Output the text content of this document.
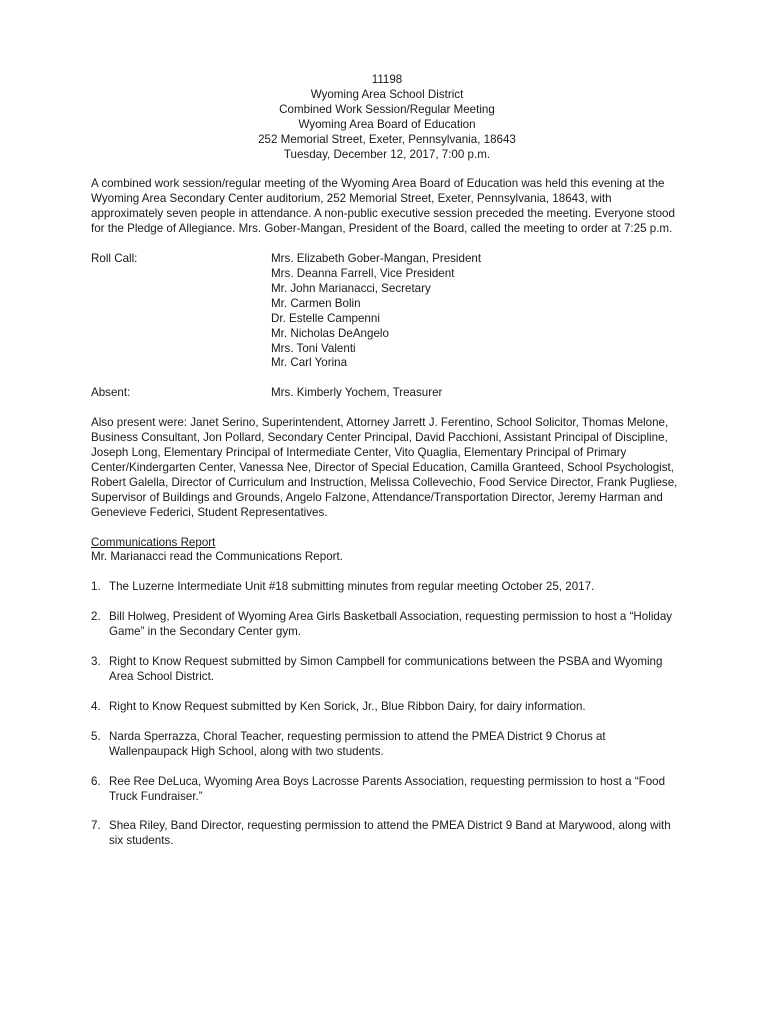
11198
Wyoming Area School District
Combined Work Session/Regular Meeting
Wyoming Area Board of Education
252 Memorial Street, Exeter, Pennsylvania, 18643
Tuesday, December 12, 2017, 7:00 p.m.

A combined work session/regular meeting of the Wyoming Area Board of Education was held this evening at the Wyoming Area Secondary Center auditorium, 252 Memorial Street, Exeter, Pennsylvania, 18643, with approximately seven people in attendance. A non-public executive session preceded the meeting. Everyone stood for the Pledge of Allegiance. Mrs. Gober-Mangan, President of the Board, called the meeting to order at 7:25 p.m.

Roll Call:	Mrs. Elizabeth Gober-Mangan, President
Mrs. Deanna Farrell, Vice President
Mr. John Marianacci, Secretary
Mr. Carmen Bolin
Dr. Estelle Campenni
Mr. Nicholas DeAngelo
Mrs. Toni Valenti
Mr. Carl Yorina
Absent:	Mrs. Kimberly Yochem, Treasurer

Also present were: Janet Serino, Superintendent, Attorney Jarrett J. Ferentino, School Solicitor, Thomas Melone, Business Consultant, Jon Pollard, Secondary Center Principal, David Pacchioni, Assistant Principal of Discipline, Joseph Long, Elementary Principal of Intermediate Center, Vito Quaglia, Elementary Principal of Primary Center/Kindergarten Center, Vanessa Nee, Director of Special Education, Camilla Granteed, School Psychologist, Robert Galella, Director of Curriculum and Instruction, Melissa Collevechio, Food Service Director, Frank Pugliese, Supervisor of Buildings and Grounds, Angelo Falzone, Attendance/Transportation Director, Jeremy Harman and Genevieve Federici, Student Representatives.

Communications Report

Mr. Marianacci read the Communications Report.

1. The Luzerne Intermediate Unit #18 submitting minutes from regular meeting October 25, 2017.
2. Bill Holweg, President of Wyoming Area Girls Basketball Association, requesting permission to host a “Holiday Game” in the Secondary Center gym.
3. Right to Know Request submitted by Simon Campbell for communications between the PSBA and Wyoming Area School District.
4. Right to Know Request submitted by Ken Sorick, Jr., Blue Ribbon Dairy, for dairy information.
5. Narda Sperrazza, Choral Teacher, requesting permission to attend the PMEA District 9 Chorus at Wallenpaupack High School, along with two students.
6. Ree Ree DeLuca, Wyoming Area Boys Lacrosse Parents Association, requesting permission to host a “Food Truck Fundraiser.”
7. Shea Riley, Band Director, requesting permission to attend the PMEA District 9 Band at Marywood, along with six students.
